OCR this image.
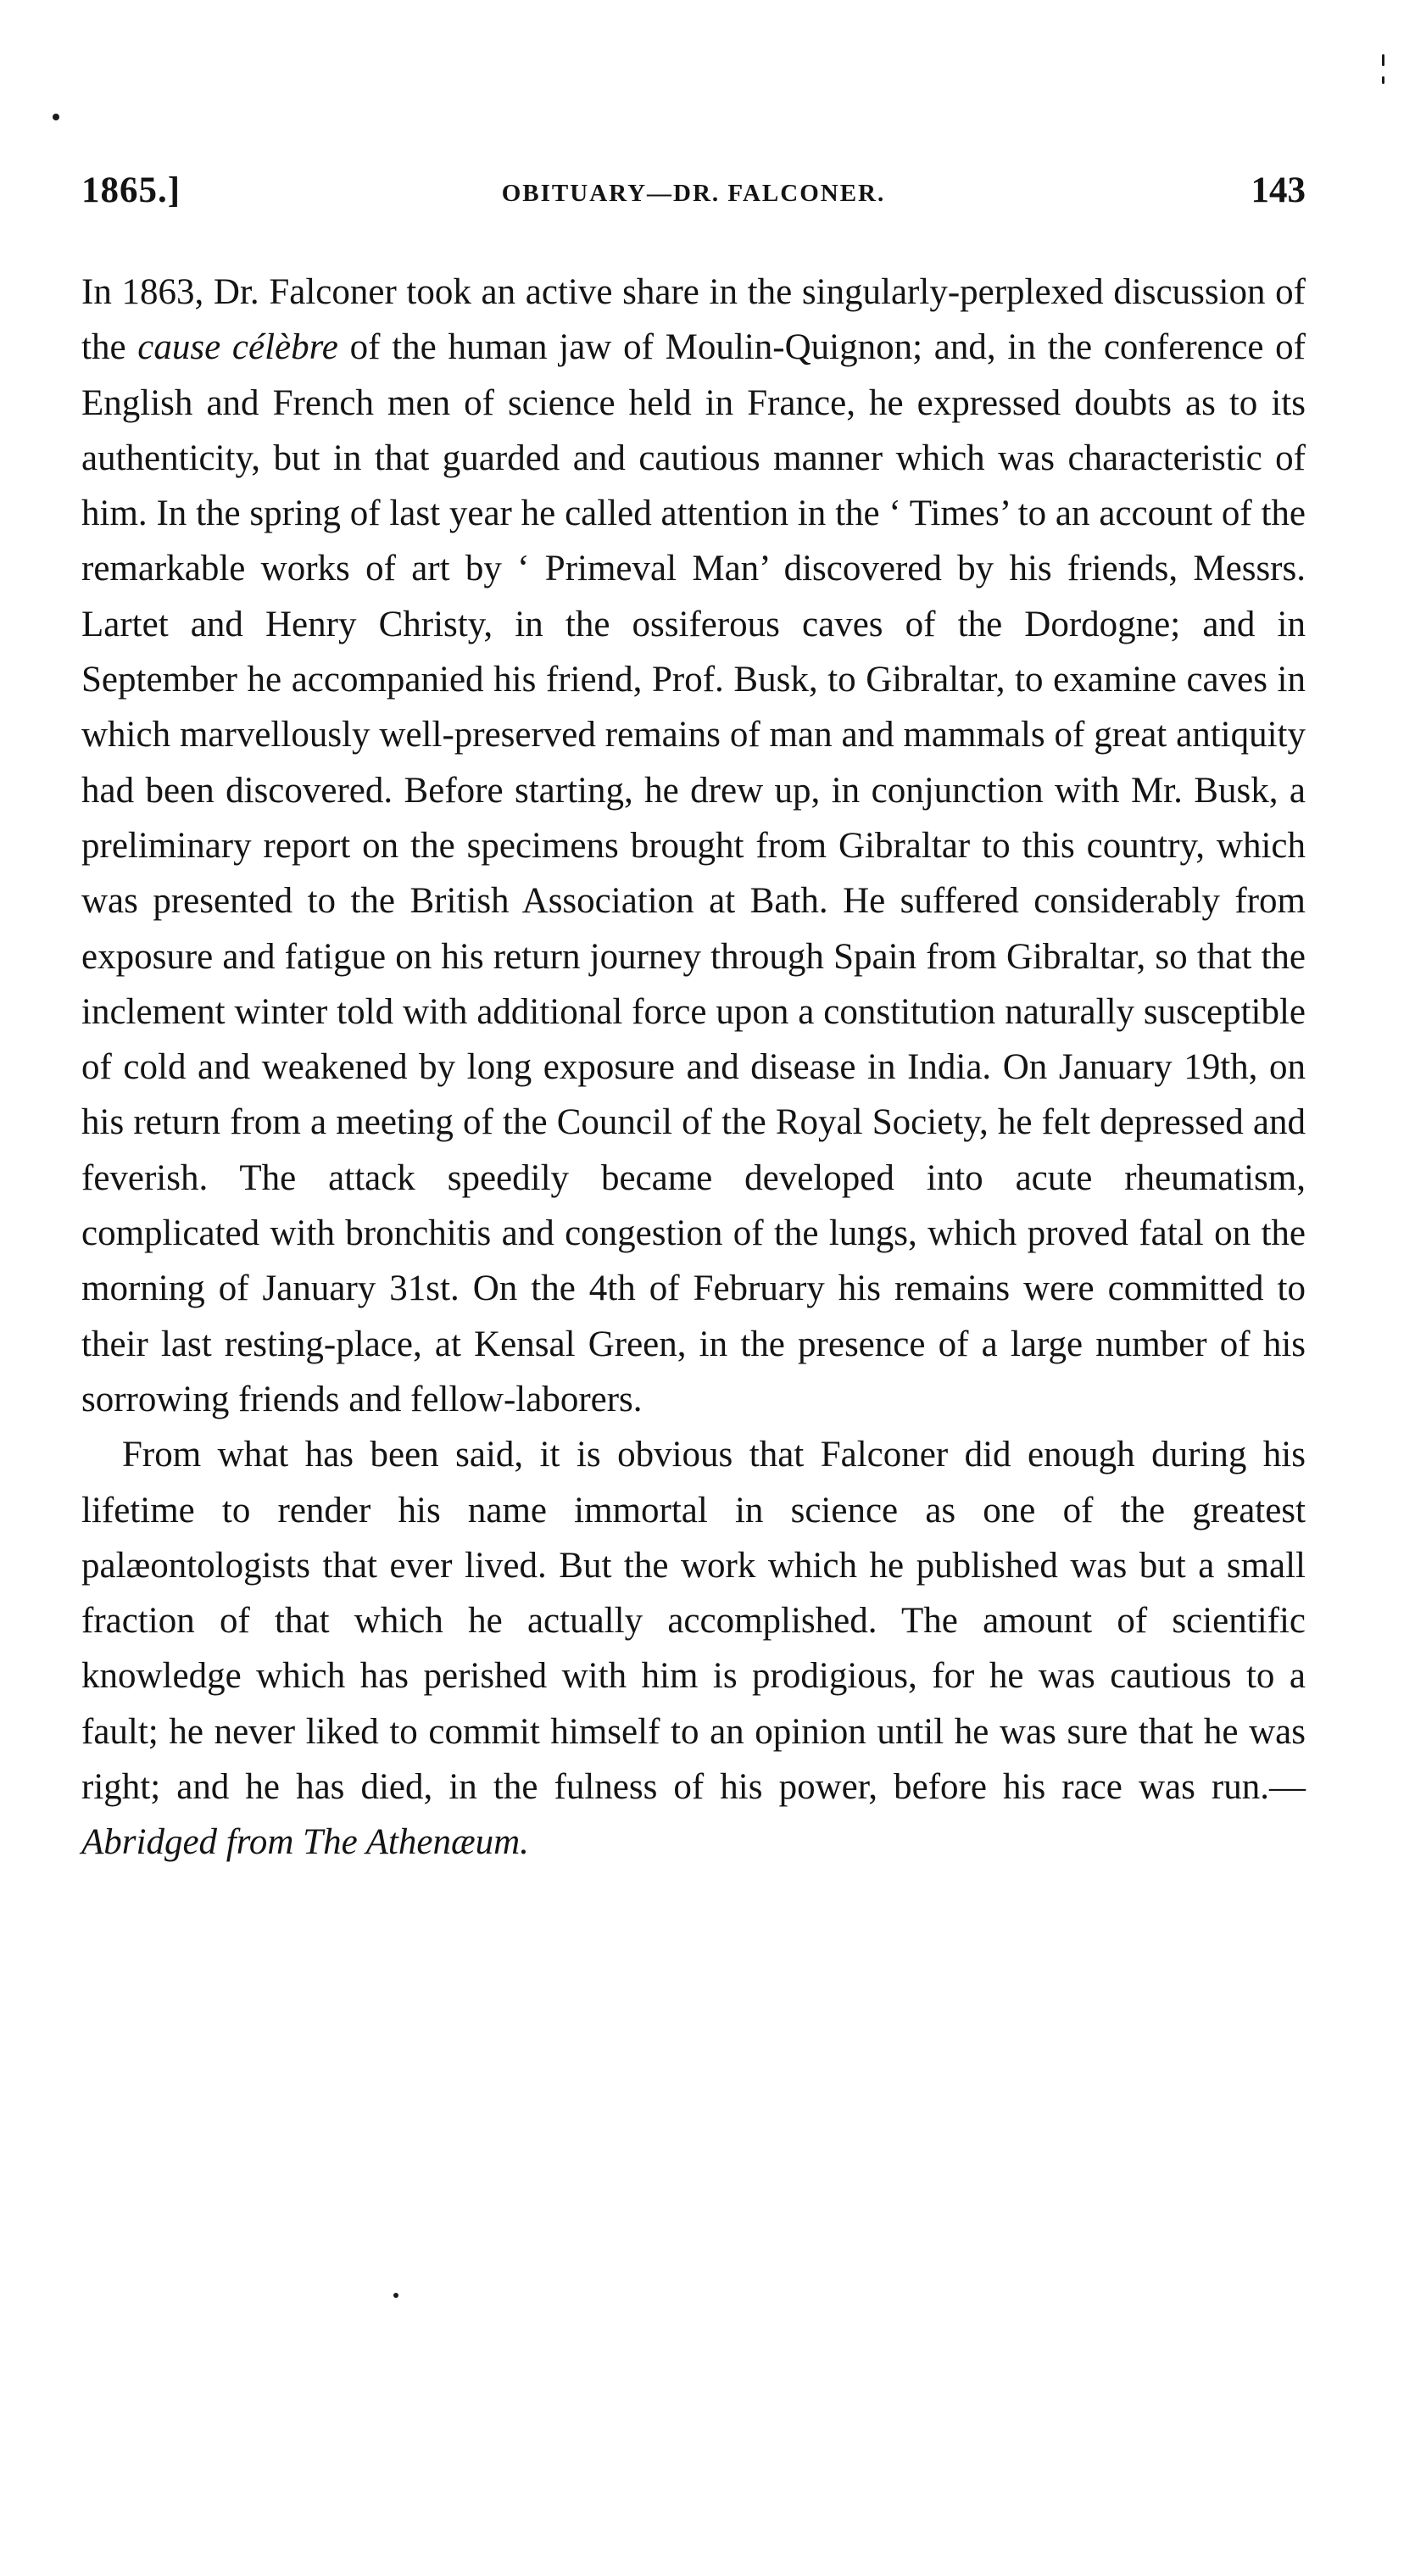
1865.]	OBITUARY—DR. FALCONER.	143

In 1863, Dr. Falconer took an active share in the singularly-perplexed discussion of the cause célèbre of the human jaw of Moulin-Quignon; and, in the conference of English and French men of science held in France, he expressed doubts as to its authenticity, but in that guarded and cautious manner which was characteristic of him. In the spring of last year he called attention in the ‘ Times’ to an account of the remarkable works of art by ‘ Primeval Man’ discovered by his friends, Messrs. Lartet and Henry Christy, in the ossiferous caves of the Dordogne; and in September he accompanied his friend, Prof. Busk, to Gibraltar, to examine caves in which marvellously well-preserved remains of man and mammals of great antiquity had been discovered. Before starting, he drew up, in conjunction with Mr. Busk, a preliminary report on the specimens brought from Gibraltar to this country, which was presented to the British Association at Bath. He suffered considerably from exposure and fatigue on his return journey through Spain from Gibraltar, so that the inclement winter told with additional force upon a constitution naturally susceptible of cold and weakened by long exposure and disease in India. On January 19th, on his return from a meeting of the Council of the Royal Society, he felt depressed and feverish. The attack speedily became developed into acute rheumatism, complicated with bronchitis and congestion of the lungs, which proved fatal on the morning of January 31st. On the 4th of February his remains were committed to their last resting-place, at Kensal Green, in the presence of a large number of his sorrowing friends and fellow-laborers.

From what has been said, it is obvious that Falconer did enough during his lifetime to render his name immortal in science as one of the greatest palæontologists that ever lived. But the work which he published was but a small fraction of that which he actually accomplished. The amount of scientific knowledge which has perished with him is prodigious, for he was cautious to a fault; he never liked to commit himself to an opinion until he was sure that he was right; and he has died, in the fulness of his power, before his race was run.—Abridged from The Athenæum.
